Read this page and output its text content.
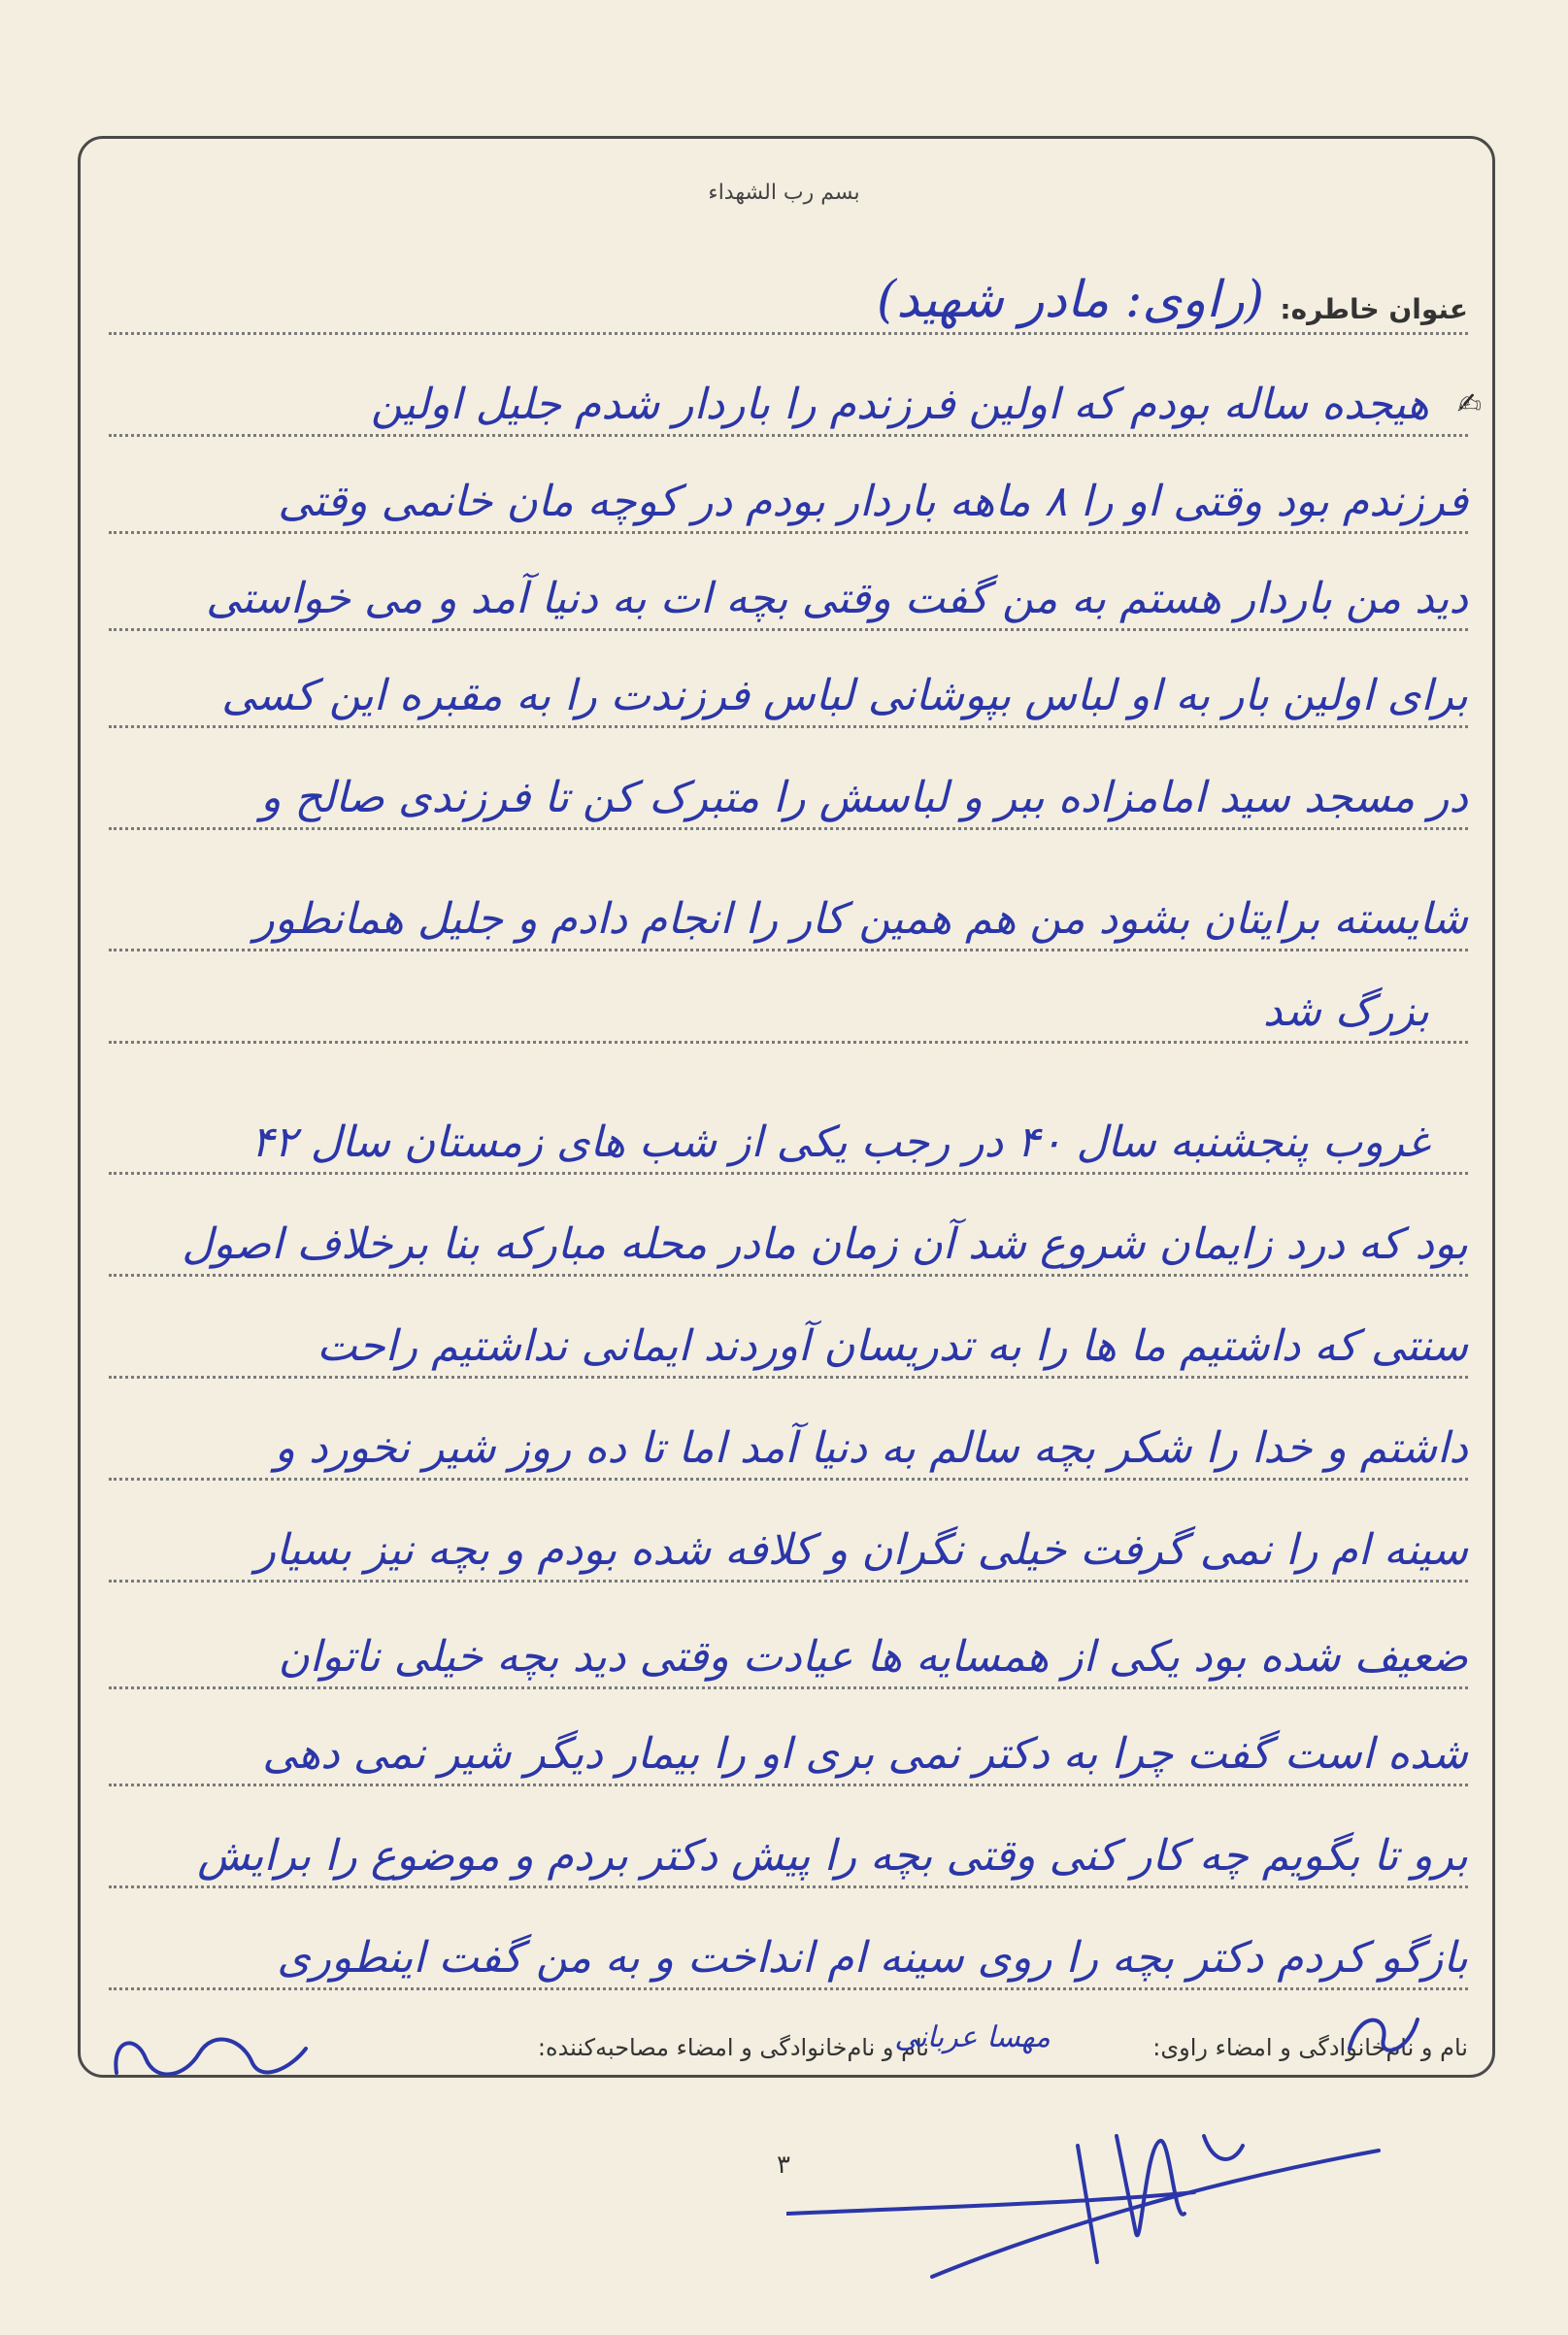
بسم رب الشهداء
عنوان خاطره:
(راوی: مادر شهید)
✍
هیجده ساله بودم که اولین فرزندم را باردار شدم جلیل اولین
فرزندم بود وقتی او را ۸ ماهه باردار بودم در کوچه مان خانمی وقتی
دید من باردار هستم به من گفت وقتی بچه ات به دنیا آمد و می خواستی
برای اولین بار به او لباس بپوشانی لباس فرزندت را به مقبره این کسی
در مسجد سید امامزاده ببر و لباسش را متبرک کن تا فرزندی صالح و
شایسته برایتان بشود من هم همین کار را انجام دادم و جلیل همانطور
بزرگ شد
غروب پنجشنبه سال ۴۰ در رجب یکی از شب های زمستان سال ۴۲
بود که درد زایمان شروع شد آن زمان مادر محله مبارکه بنا برخلاف اصول
سنتی که داشتیم ما ها را به تدریسان آوردند ایمانی نداشتیم راحت
داشتم و خدا را شکر بچه سالم به دنیا آمد اما تا ده روز شیر نخورد و
سینه ام را نمی گرفت خیلی نگران و کلافه شده بودم و بچه نیز بسیار
ضعیف شده بود یکی از همسایه ها عیادت وقتی دید بچه خیلی ناتوان
شده است گفت چرا به دکتر نمی بری او را بیمار دیگر شیر نمی دهی
برو تا بگویم چه کار کنی وقتی بچه را پیش دکتر بردم و موضوع را برایش
بازگو کردم دکتر بچه را روی سینه ام انداخت و به من گفت اینطوری
نام و نام‌خانوادگی و امضاء راوی:
نام و نام‌خانوادگی و امضاء مصاحبه‌کننده:
مهسا عربانی
۳
